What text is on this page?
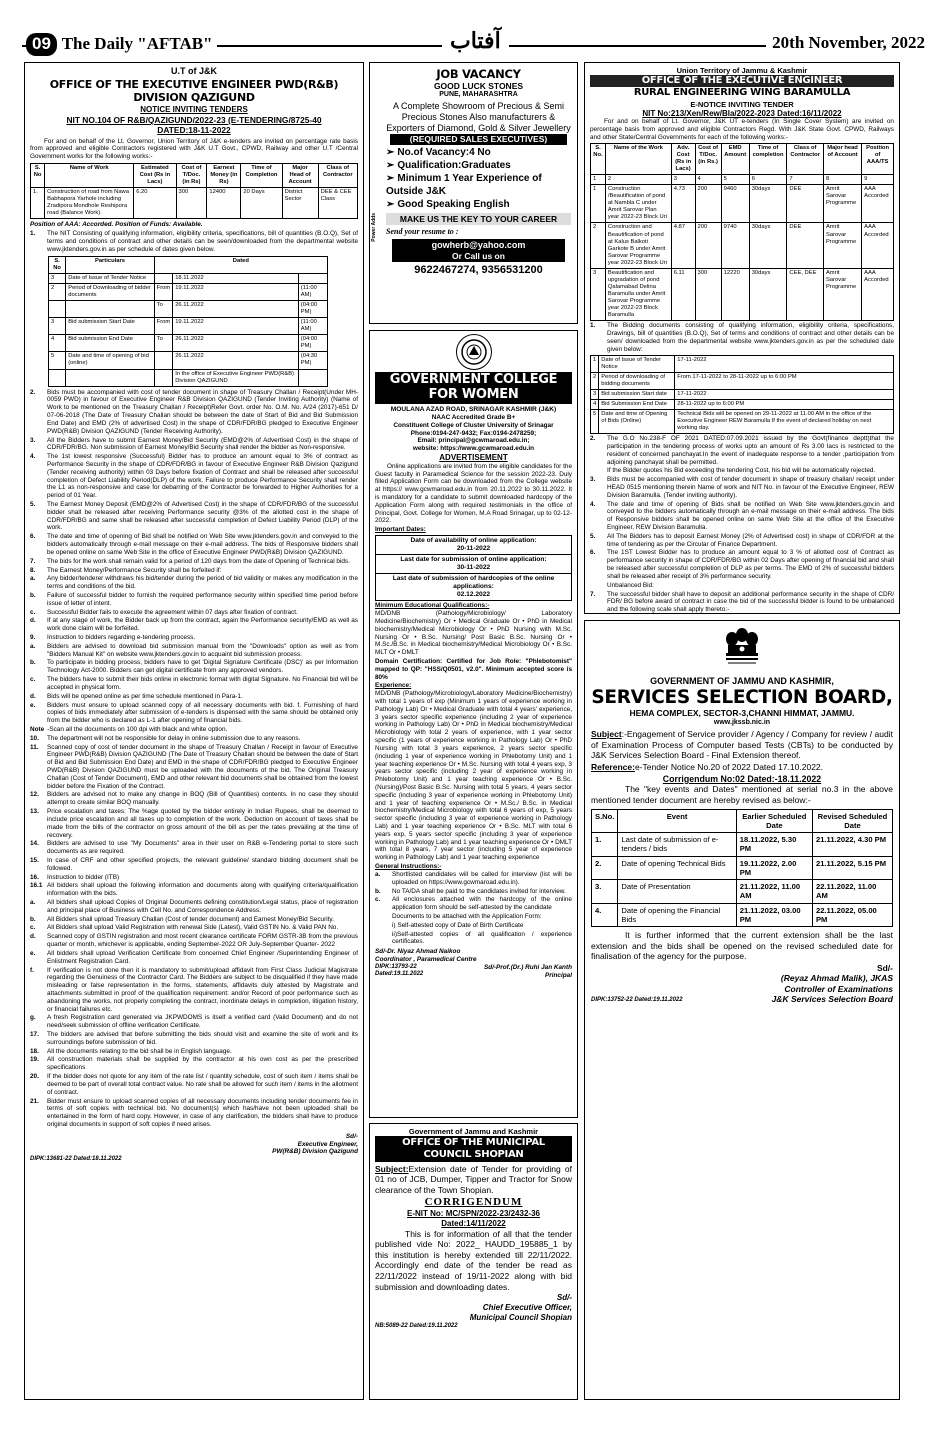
09 The Daily "AFTAB"	آفتاب	20th November, 2022
U.T of J&K
OFFICE OF THE EXECUTIVE ENGINEER PWD(R&B) DIVISION QAZIGUND
NOTICE INVITING TENDERS
NIT NO.104 OF R&B/QAZIGUND/2022-23 (E-TENDERING/8725-40
DATED:18-11-2022

For and on behalf of the Lt. Governor, Union Territory of J&K e-tenders are invited on percentage rate basis from approved and eligible Contractors registered with J&K U.T Govt., CPWD, Railway and other U.T /Central Government works for the following works:-

S. No	Name of Work	Estimated Cost (Rs in Lacs)	Cost of T/Doc. (in Rs)	Earnest Money (in Rs)	Time of Completion	Major Head of Account	Class of Contractor
1.	Construction of road from Nawa Babhapora Yarhole including Zradipora Mondhole Reshipora road (Balance Work).	6.20	300	12400	20 Days	District Sector	DEE & CEE Class

Position of AAA: Accorded. Position of Funds: Available.

1.	The NIT Consisting of qualifying information, eligibility criteria, specifications, bill of quantities (B.O.Q), Set of terms and conditions of contract and other details can be seen/downloaded from the departmental website www.jktenders.gov.in as per schedule of dates given below.
S. No	Particulars	Dated		
3	Date of Issue of Tender Notice		18.11.2022	
2	Period of Downloading of bidder documents	From	19.11.2022	(11:00 AM)
		To	26.11.2022	(04:00 PM)
3	Bid submission Start Date	From	19.11.2022	(11:00 AM)
4	Bid submission End Date	To	26.11.2022	(04:00 PM)
5	Date and time of opening of bid (online)		26.11.2022	(04:30 PM)
			In the office of Executive Engineer PWD(R&B) Division QAZIGUND	
2.	Bids must be accompanied with cost of tender document in shape of Treasury Challan / Receipt(Under MH- 0059 PWD) in favour of Executive Engineer R&B Division QAZIGUND (Tender Inviting Authority) (Name of Work to be mentioned on the Treasury Challan / Receipt)Refer Govt. order No. O.M. No. A/24 (2017)-651 D/ 07-06-2018 (The Date of Treasury Challan should be between the date of Start of Bid and Bid Submission End Date) and EMD (2% of advertised Cost) in the shape of CDR/FDR/BG pledged to Executive Engineer PWD(R&B) Division QAZIGUND (Tender Receiving Authority).
3.	All the Bidders have to submit Earnest Money/Bid Security (EMD@2% of Advertised Cost) in the shape of CDR/FDR/BG. Non submission of Earnest Money/Bid Security shall render the bidder as Non-responsive.
4.	The 1st lowest responsive (Successful) Bidder has to produce an amount equal to 3% of contract as Performance Security in the shape of CDR/FDR/BG in favour of Executive Engineer R&B Division Qazigund (Tender receiving authority) within 03 Days before fixation of Contract and shall be released after successful completion of Defect Liability Period(DLP) of the work. Failure to produce Performance Security shall render the L1 as non-responsive and case for debarring of the Contractor be forwarded to Higher Authorities for a period of 01 Year.
5.	The Earnest Money Deposit (EMD@2% of Advertised Cost) in the shape of CDR/FDR/BG of the successful bidder shall be released after receiving Performance security @3% of the allotted cost in the shape of CDR/FDR/BG and same shall be released after successful completion of Defect Liability Period (DLP) of the work.
6.	The date and time of opening of Bid shall be notified on Web Site www.jktenders.gov.in and conveyed to the bidders automatically through e-mail message on their e-mail address. The bids of Responsive bidders shall be opened online on same Web Site in the office of Executive Engineer PWD(R&B) Division QAZIGUND.
7.	The bids for the work shall remain valid for a period of 120 days from the date of Opening of Technical bids.
8.	The Earnest Money/Performance Security shall be forfeited if:
a.	Any bidder/tenderer withdraws his bid/tender during the period of bid validity or makes any modification in the terms and conditions of the bid.
b.	Failure of successful bidder to furnish the required performance security within specified time period before issue of letter of intent.
c.	Successful Bidder fails to execute the agreement within 07 days after fixation of contract.
d.	If at any stage of work, the Bidder back up from the contract, again the Performance security/EMD as well as work done claim will be forfeited.
9.	Instruction to bidders regarding e-tendering process.
a.	Bidders are advised to download bid submission manual from the "Downloads" option as well as from "Bidders Manual Kit" on website www.jktenders.gov.in to acquaint bid submission process.
b.	To participate in bidding process, bidders have to get 'Digital Signature Certificate (DSC)' as per Information Technology Act-2000. Bidders can get digital certificate from any approved vendors.
c.	The bidders have to submit their bids online in electronic format with digital Signature. No Financial bid will be accepted in physical form.
d.	Bids will be opened online as per time schedule mentioned in Para-1.
e.	Bidders must ensure to upload scanned copy of all necessary documents with bid. f. Furnishing of hard copies of bids immediately after submission of e-tenders is dispensed with the same should be obtained only from the bidder who is declared as L-1 after opening of financial bids.
Note -Scan all the documents on 100 dpi with black and white option.
10.	The department will not be responsible for delay in online submission due to any reasons.
11.	Scanned copy of cost of tender document in the shape of Treasury Challan / Receipt in favour of Executive Engineer PWD(R&B) Division QAZIGUND (The Date of Treasury Challan should be between the date of Start of Bid and Bid Submission End Date) and EMD in the shape of CDR/FDR/BG pledged to Executive Engineer PWD(R&B) Division QAZIGUND must be uploaded with the documents of the bid. The Original Treasury Challan (Cost of Tender Document), EMD and other relevant bid documents shall be obtained from the lowest bidder before the Fixation of the Contract.
12.	Bidders are advised not to make any change in BOQ (Bill of Quantities) contents. In no case they should attempt to create similar BOQ manually.
13.	Price escalation and taxes: The %age quoted by the bidder entirely in Indian Rupees, shall be deemed to include price escalation and all taxes up to completion of the work. Deduction on account of taxes shall be made from the bills of the contractor on gross amount of the bill as per the rates prevailing at the time of recovery.
14.	Bidders are advised to use "My Documents" area in their user on R&B e-Tendering portal to store such documents as are required.
15.	In case of CRF and other specified projects, the relevant guideline/ standard bidding document shall be followed.
16.	Instruction to bidder (ITB)
16.1 All bidders shall upload the following information and documents along with qualifying criteria/qualification information with the bids.
a.	All bidders shall upload Copies of Original Documents defining constitution/Legal status, place of registration and principal place of Business with Cell No. and Correspondence Address.
b.	All Bidders shall upload Treasury Challan (Cost of tender document) and Earnest Money/Bid Security.
c.	All Bidders shall upload Valid Registration with renewal Side (Latest), Valid GSTIN No. & Valid PAN No.
d.	Scanned copy of GSTIN registration and most recent clearance certificate FORM GSTR-3B from the previous quarter or month, whichever is applicable, ending September-2022 OR July-September Quarter- 2022
e.	All bidders shall upload Verification Certificate from concerned Chief Engineer /Superintending Engineer of Enlistment Registration Card.
f.	If verification is not done then it is mandatory to submit/upload affidavit from First Class Judicial Magistrate regarding the Genuiness of the Contractor Card. The Bidders are subject to be disqualified if they have made misleading or false representation in the forms, statements, affidavits duly attested by Magistrate and attachments submitted in proof of the qualification requirement: and/or Record of poor performance such as abandoning the works, not properly completing the contract, inordinate delays in completion, litigation history, or financial failures etc.
g.	A fresh Registration card generated via JKPWDOMS is itself a verified card (Valid Document) and do not need/seek submission of offline verification Certificate.
17.	The bidders are advised that before submitting the bids should visit and examine the site of work and its surroundings before submission of bid.
18.	All the documents relating to the bid shall be in English language.
19.	All construction materials shall be supplied by the contractor at his own cost as per the prescribed specifications
20.	If the bidder does not quote for any item of the rate list / quantity schedule, cost of such item / items shall be deemed to be part of overall total contract value. No rate shall be allowed for such item / items in the allotment of contract.
21.	Bidder must ensure to upload scanned copies of all necessary documents including tender documents fee in terms of soft copies with technical bid. No document(s) which has/have not been uploaded shall be entertained in the form of hard copy. However, in case of any clarification, the bidders shall have to produce original documents in support of soft copies if need arises.
Sd/-
Executive Engineer,
PW(R&B) Division Qazigund
DIPK:13681-22 Dated:18.11.2022
Power Adds
JOB VACANCY
GOOD LUCK STONES
PUNE, MAHARASHTRA
A Complete Showroom of Precious & Semi Precious Stones Also manufacturers & Exporters of Diamond, Gold & Silver Jewellery
(REQUIRED SALES EXECUTIVES)
➢ No.of Vacancy:4 No
➢ Qualification:Graduates
➢ Minimum 1 Year Experience of Outside J&K
➢ Good Speaking English
MAKE US THE KEY TO YOUR CAREER
Send your resume to :
gowherb@yahoo.com
Or Call us on
9622467274, 9356531200
GOVERNMENT COLLEGE FOR WOMEN
MOULANA AZAD ROAD, SRINAGAR KASHMIR (J&K)
NAAC Accredited Grade B+
Constituent College of Cluster University of Srinagar
Phone:0194-247-9432; Fax:0194-2478259;
Email: principal@gcwmaroad.edu.in;
website: https://www.gcwmaroad.edu.in
ADVERTISEMENT

Online applications are invited from the eligible candidates for the Guest faculty in Paramedical Science for the session 2022-23. Duly filled Application Form can be downloaded from the College website at https:// www.gcwmaroad.edu.in from 20.11.2022 to 30.11.2022. It is mandatory for a candidate to submit downloaded hardcopy of the Application Form along with required testimonials in the office of Principal, Govt. College for Women, M.A Road Srinagar, up to 02-12-2022.

Important Dates:
Date of availability of online application:
20-11-2022

Last date for submission of online application:
30-11-2022

Last date of submission of hardcopies of the online applications:
02.12.2022
Minimum Educational Qualifications:-

MD/DNB (Pathology/Microbiology/ Laboratory Medicine/Biochemistry) Or • Medical Graduate Or • PhD in Medical biochemistry/Medical Microbiology Or • PhD Nursing with M.Sc. Nursing Or • B.Sc. Nursing/ Post Basic B.Sc. Nursing Or • M.Sc./B.Sc. in Medical biochemistry/Medical Microbiology Or • B.Sc. MLT Or • DMLT

Domain Certification: Certified for Job Role: "Phlebotomist" mapped to QP: "HSS/Q0501, v2.0". Minimum accepted score is 80%

Experience:

MD/DNB (Pathology/Microbiology/Laboratory Medicine/Biochemistry) with total 1 years of exp (Minimum 1 years of experience working in Pathology Lab) Or • Medical Graduate with total 4 years' experience, 3 years sector specific experience (including 2 year of experience working in Pathology Lab) Or • PhD in Medical biochemistry/Medical Microbiology with total 2 years of experience, with 1 year sector specific (1 years of experience working in Pathology Lab) Or • PhD Nursing with total 3 years experience, 2 years sector specific (including 1 year of experience working in Phlebotomy Unit) and 1 year teaching experience Or • M.Sc. Nursing with total 4 years exp, 3 years sector specific (including 2 year of experience working in Phlebotomy Unit) and 1 year teaching experience Or • B.Sc. (Nursing)/Post Basic B.Sc. Nursing with total 5 years, 4 years sector specific (including 3 year of experience working in Phlebotomy Unit) and 1 year of teaching experience Or • M.Sc./ B.Sc. in Medical biochemistry/Medical Microbiology with total 6 years of exp, 5 years sector specific (including 3 year of experience working in Pathology Lab) and 1 year teaching experience Or • B.Sc. MLT with total 6 years exp, 5 years sector specific (including 3 year of experience working in Pathology Lab) and 1 year teaching experience Or • DMLT with total 8 years, 7 year sector (including 5 year of experience working in Pathology Lab) and 1 year teaching experience

General Instructions:-
a.	Shortlisted candidates will be called for interview (list will be uploaded on https://www.gcwmaroad.edu.in).
b.	No TA/DA shall be paid to the candidates invited for interview.
c.	All enclosures attached with the hardcopy of the online application form should be self-attested by the candidate
Documents to be attached with the Application Form:
i) Self-attested copy of Date of Birth Certificate
ii)Self-attested copies of all qualification / experience certificates.
Sd/-Dr. Niyaz Ahmad Naikoo
Coordinator , Paramedical Centre
DIPK:13793-22
Dated:19.11.2022
Sd/-Prof.(Dr.) Ruhi Jan Kanth
Principal
Government of Jammu and Kashmir
OFFICE OF THE MUNICIPAL COUNCIL SHOPIAN

Subject:Extension date of Tender for providing of 01 no of JCB, Dumper, Tipper and Tractor for Snow clearance of the Town Shopian.

CORRIGENDUM
E-NIT No: MC/SPN/2022-23/2432-36
Dated:14/11/2022

This is for information of all that the tender published vide No: 2022_ HAUDD_195885_1 by this institution is hereby extended till 22/11/2022. Accordingly end date of the tender be read as 22/11/2022 instead of 19/11-2022 along with bid submission and downloading dates.

Sd/-
Chief Executive Officer,
Municipal Council Shopian
NB:5089-22 Dated:19.11.2022
Union Territory of Jammu & Kashmir
OFFICE OF THE EXECUTIVE ENGINEER
RURAL ENGINEERING WING BARAMULLA
E-NOTICE INVITING TENDER
NIT No:213/Xen/Rew/Bla/2022-2023 Dated:16/11/2022

For and on behalf of Lt. Governor, J&K UT e-tenders (In Single Cover System) are invited on percentage basis from approved and eligible Contractors Regd. With J&K State Govt. CPWD, Railways and other State/Central Governments for each of the following works:-

S. No.	Name of the Work	Adv. Cost (Rs in Lacs)	Cost of T/Doc. (in Rs.)	EMD Amount	Time of completion	Class of Contractor	Major head of Account	Position of AAA/TS
1	2	3	4	5	6	7	8	9
1	Construction /Beautification of pond at Nambla C under Amrit Sarovar Plan year 2022-23 Block Uri	4.73	200	9460	30days	DEE	Amrit Sarovar Programme	AAA Accorded
2	Construction and Beautification of pond at Kalus Balkoti Garkote B under Amrit Sarovar Programme year 2022-23 Block Uri	4.87	200	9740	30days	DEE	Amrit Sarovar Programme	AAA Accorded
3	Beautification and upgradation of pond Qalamabad Delina Baramulla under Amrit Sarovar Programme year 2022-23 Block Baramulla	6.11	300	12220	30days	CEE, DEE	Amrit Sarovar Programme	AAA Accorded
1.	The Bidding documents consisting of qualifying information, eligibility criteria, specifications, Drawings, bill of quantities (B.O.Q), Set of terms and conditions of contract and other details can be seen/ downloaded from the departmental website www.jktenders.gov.in as per the scheduled date given below:
1	Date of Issue of Tender Notice	17-11-2022
2	Period of downloading of bidding documents	From 17-11-2022 to 28-11-2022 up to 6:00 PM
3	Bid submission Start date	17-11-2022
4	Bid Submission End Date	28-11-2022 up to 6:00 PM
5	Date and time of Opening of Bids (Online)	Technical Bids will be opened on 29-11-2022 at 11.00 AM in the office of the Executive Engineer REW Baramulla If the event of declared holiday on next working day.
2.	The G.O No.238-F OF 2021 DATED:07.09.2021 issued by the Govt(finance deptt)that the participation in the tendering process of works upto an amount of Rs 3.00 lacs is restricted to the resident of concerned panchayat.In the event of inadequate response to a tender ,participation from adjoining panchayat shall be permitted.
If the Bidder quotes his Bid exceeding the tendering Cost, his bid will be automatically rejected.
3.	Bids must be accompanied with cost of tender document in shape of treasury challan/ receipt under HEAD 0515 mentioning therein Name of work and NIT No. in favour of the Executive Engineer, REW Division Baramulla. (Tender inviting authority).
4.	The date and time of opening of Bids shall be notified on Web Site www.jktenders.gov.in and conveyed to the bidders automatically through an e-mail message on their e-mail address. The bids of Responsive bidders shall be opened online on same Web Site at the office of the Executive Engineer, REW Division Baramulla.
5.	All The Bidders has to deposit Earnest Money (2% of Advertised cost) in shape of CDR/FDR at the time of tendering as per the Circular of Finance Department.
6.	The 1ST Lowest Bidder has to produce an amount equal to 3 % of allotted cost of Contract as performance security in shape of CDR/FDR/BG within 02 Days after opening of financial bid and shall be released after successful completion of DLP as per terms. The EMD of 2% of successful bidders shall be released after receipt of 3% performance security.
Unbalanced Bid:
7.	The successful bidder shall have to deposit an additional performance security in the shape of CDR/ FDR/ BG before award of contract in case the bid of the successful bidder is found to be unbalanced and the following scale shall apply thereto:-

GOVERNMENT OF JAMMU AND KASHMIR,
SERVICES SELECTION BOARD,
HEMA COMPLEX, SECTOR-3,CHANNI HIMMAT, JAMMU.
www.jkssb.nic.in

Subject:-Engagement of Service provider / Agency / Company for review / audit of Examination Process of Computer based Tests (CBTs) to be conducted by J&K Services Selection Board - Final Extension thereof.

Reference:e-Tender Notice No.20 of 2022 Dated 17.10.2022.

Corrigendum No:02 Dated:-18.11.2022

The "key events and Dates" mentioned at serial no.3 in the above mentioned tender document are hereby revised as below:-

S.No.	Event	Earlier Scheduled Date	Revised Scheduled Date
1.	Last date of submission of e-tenders / bids	18.11.2022, 5.30 PM	21.11.2022, 4.30 PM
2.	Date of opening Technical Bids	19.11.2022, 2.00 PM	21.11.2022, 5.15 PM
3.	Date of Presentation	21.11.2022, 11.00 AM	22.11.2022, 11.00 AM
4.	Date of opening the Financial Bids	21.11.2022, 03.00 PM	22.11.2022, 05.00 PM

It is further informed that the current extension shall be the last extension and the bids shall be opened on the revised scheduled date for finalisation of the agency for the purpose.

Sd/-
(Reyaz Ahmad Malik), JKAS
Controller of Examinations
DIPK:13752-22 Dated:19.11.2022	J&K Services Selection Board
